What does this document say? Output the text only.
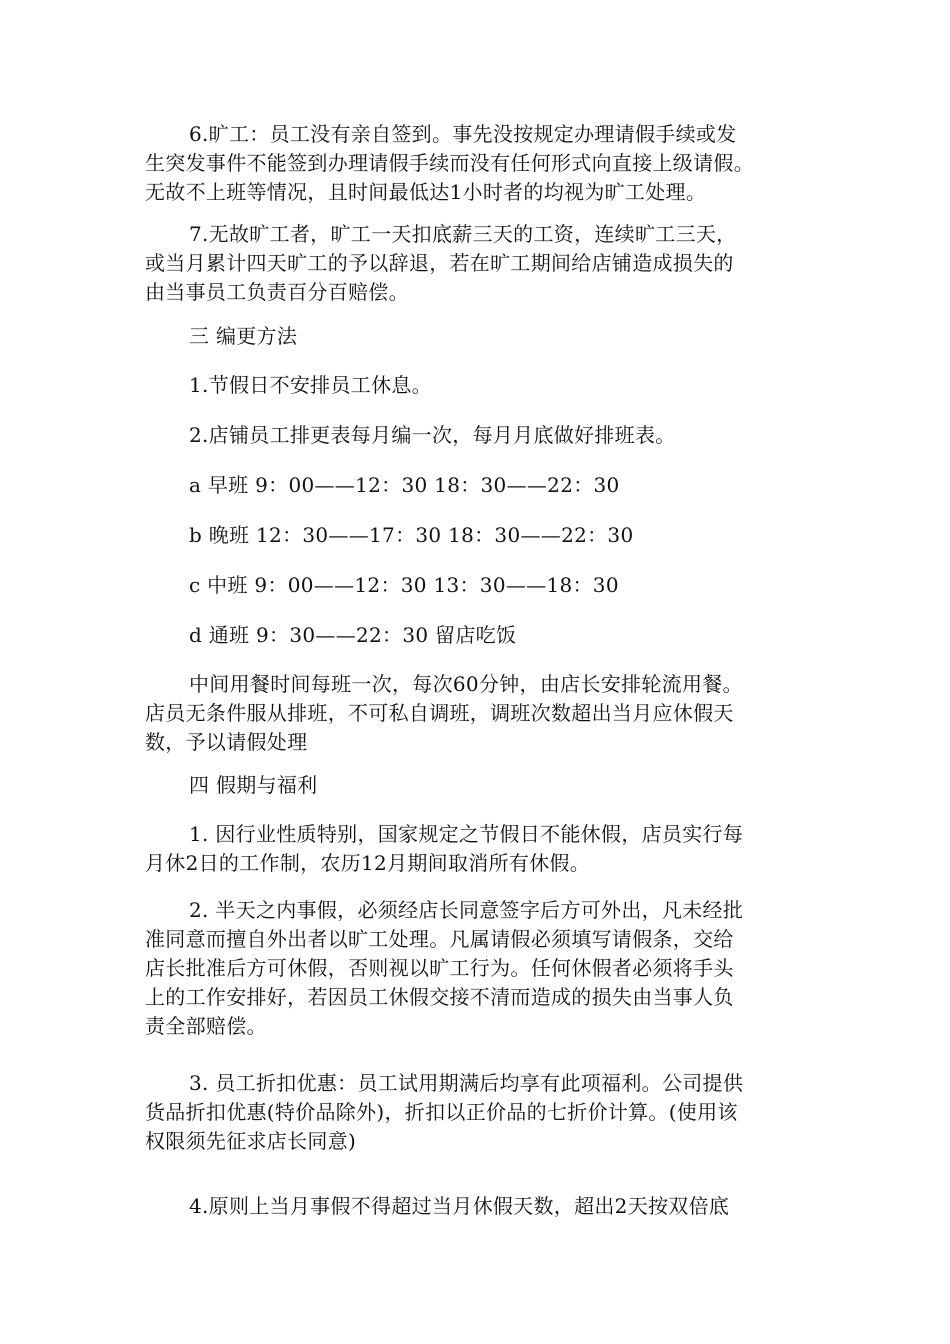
6.旷工：员工没有亲自签到。事先没按规定办理请假手续或发
生突发事件不能签到办理请假手续而没有任何形式向直接上级请假。
无故不上班等情况，且时间最低达1小时者的均视为旷工处理。
7.无故旷工者，旷工一天扣底薪三天的工资，连续旷工三天，
或当月累计四天旷工的予以辞退，若在旷工期间给店铺造成损失的
由当事员工负责百分百赔偿。

三 编更方法

1.节假日不安排员工休息。

2.店铺员工排更表每月编一次，每月月底做好排班表。

a 早班 9：00——12：30 18：30——22：30

b 晚班 12：30——17：30 18：30——22：30

c 中班 9：00——12：30 13：30——18：30

d 通班 9：30——22：30 留店吃饭

中间用餐时间每班一次，每次60分钟，由店长安排轮流用餐。
店员无条件服从排班，不可私自调班，调班次数超出当月应休假天
数，予以请假处理

四 假期与福利

1. 因行业性质特别，国家规定之节假日不能休假，店员实行每
月休2日的工作制，农历12月期间取消所有休假。
2. 半天之内事假，必须经店长同意签字后方可外出，凡未经批
准同意而擅自外出者以旷工处理。凡属请假必须填写请假条，交给
店长批准后方可休假，否则视以旷工行为。任何休假者必须将手头
上的工作安排好，若因员工休假交接不清而造成的损失由当事人负
责全部赔偿。
3. 员工折扣优惠：员工试用期满后均享有此项福利。公司提供
货品折扣优惠(特价品除外)，折扣以正价品的七折价计算。(使用该
权限须先征求店长同意)
4.原则上当月事假不得超过当月休假天数，超出2天按双倍底
